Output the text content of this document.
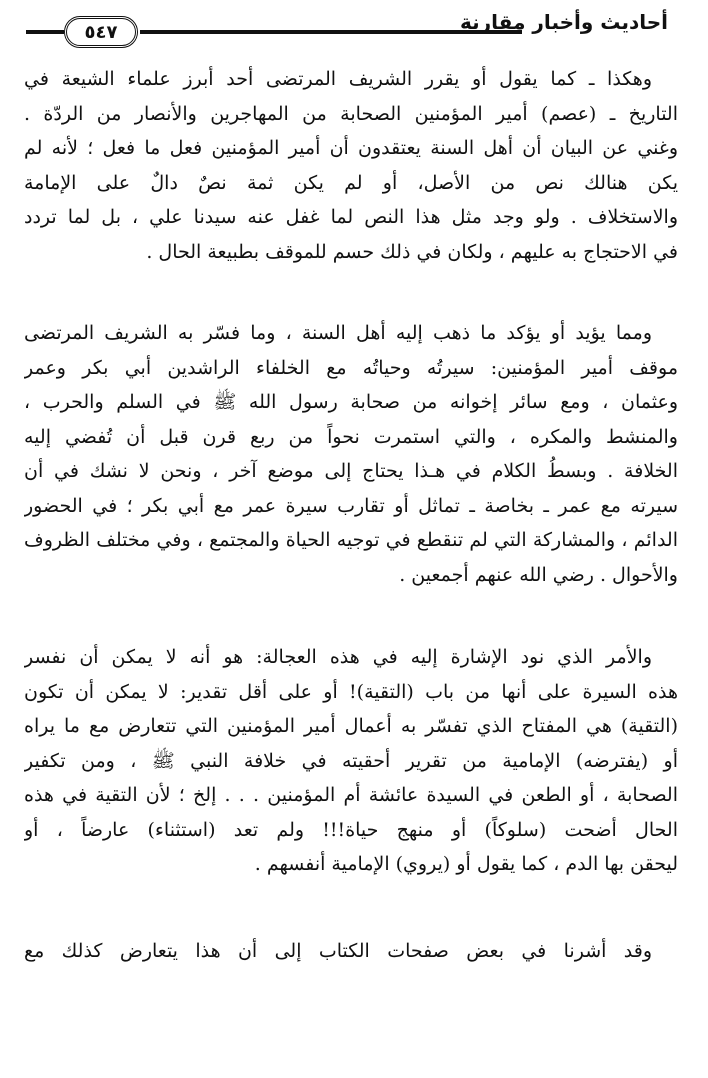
أحاديث وأخبار مقارنة
٥٤٧
وهكذا ـ كما يقول أو يقرر الشريف المرتضى أحد أبرز علماء الشيعة في
التاريخ ـ (عصم) أمير المؤمنين الصحابة من المهاجرين والأنصار من الردّة .
وغني عن البيان أن أهل السنة يعتقدون أن أمير المؤمنين فعل ما فعل ؛ لأنه لم
يكن هنالك نص من الأصل، أو لم يكن ثمة نصٌ دالٌ على الإمامة
والاستخلاف . ولو وجد مثل هذا النص لما غفل عنه سيدنا علي ، بل لما تردد
في الاحتجاج به عليهم ، ولكان في ذلك حسم للموقف بطبيعة الحال .
ومما يؤيد أو يؤكد ما ذهب إليه أهل السنة ، وما فسّر به الشريف المرتضى
موقف أمير المؤمنين: سيرتُه وحياتُه مع الخلفاء الراشدين أبي بكر وعمر
وعثمان ، ومع سائر إخوانه من صحابة رسول الله ﷺ في السلم والحرب ،
والمنشط والمكره ، والتي استمرت نحواً من ربع قرن قبل أن تُفضي إليه
الخلافة . وبسطُ الكلام في هـذا يحتاج إلى موضع آخر ، ونحن لا نشك في أن
سيرته مع عمر ـ بخاصة ـ تماثل أو تقارب سيرة عمر مع أبي بكر ؛ في الحضور
الدائم ، والمشاركة التي لم تنقطع في توجيه الحياة والمجتمع ، وفي مختلف الظروف
والأحوال . رضي الله عنهم أجمعين .
والأمر الذي نود الإشارة إليه في هذه العجالة: هو أنه لا يمكن أن نفسر
هذه السيرة على أنها من باب (التقية)! أو على أقل تقدير: لا يمكن أن تكون
(التقية) هي المفتاح الذي تفسّر به أعمال أمير المؤمنين التي تتعارض مع ما يراه
أو (يفترضه) الإمامية من تقرير أحقيته في خلافة النبي ﷺ ، ومن تكفير
الصحابة ، أو الطعن في السيدة عائشة أم المؤمنين . . . إلخ ؛ لأن التقية في هذه
الحال أضحت (سلوكاً) أو منهج حياة!!! ولم تعد (استثناء) عارضاً ، أو
ليحقن بها الدم ، كما يقول أو (يروي) الإمامية أنفسهم .
وقد أشرنا في بعض صفحات الكتاب إلى أن هذا يتعارض كذلك مع
